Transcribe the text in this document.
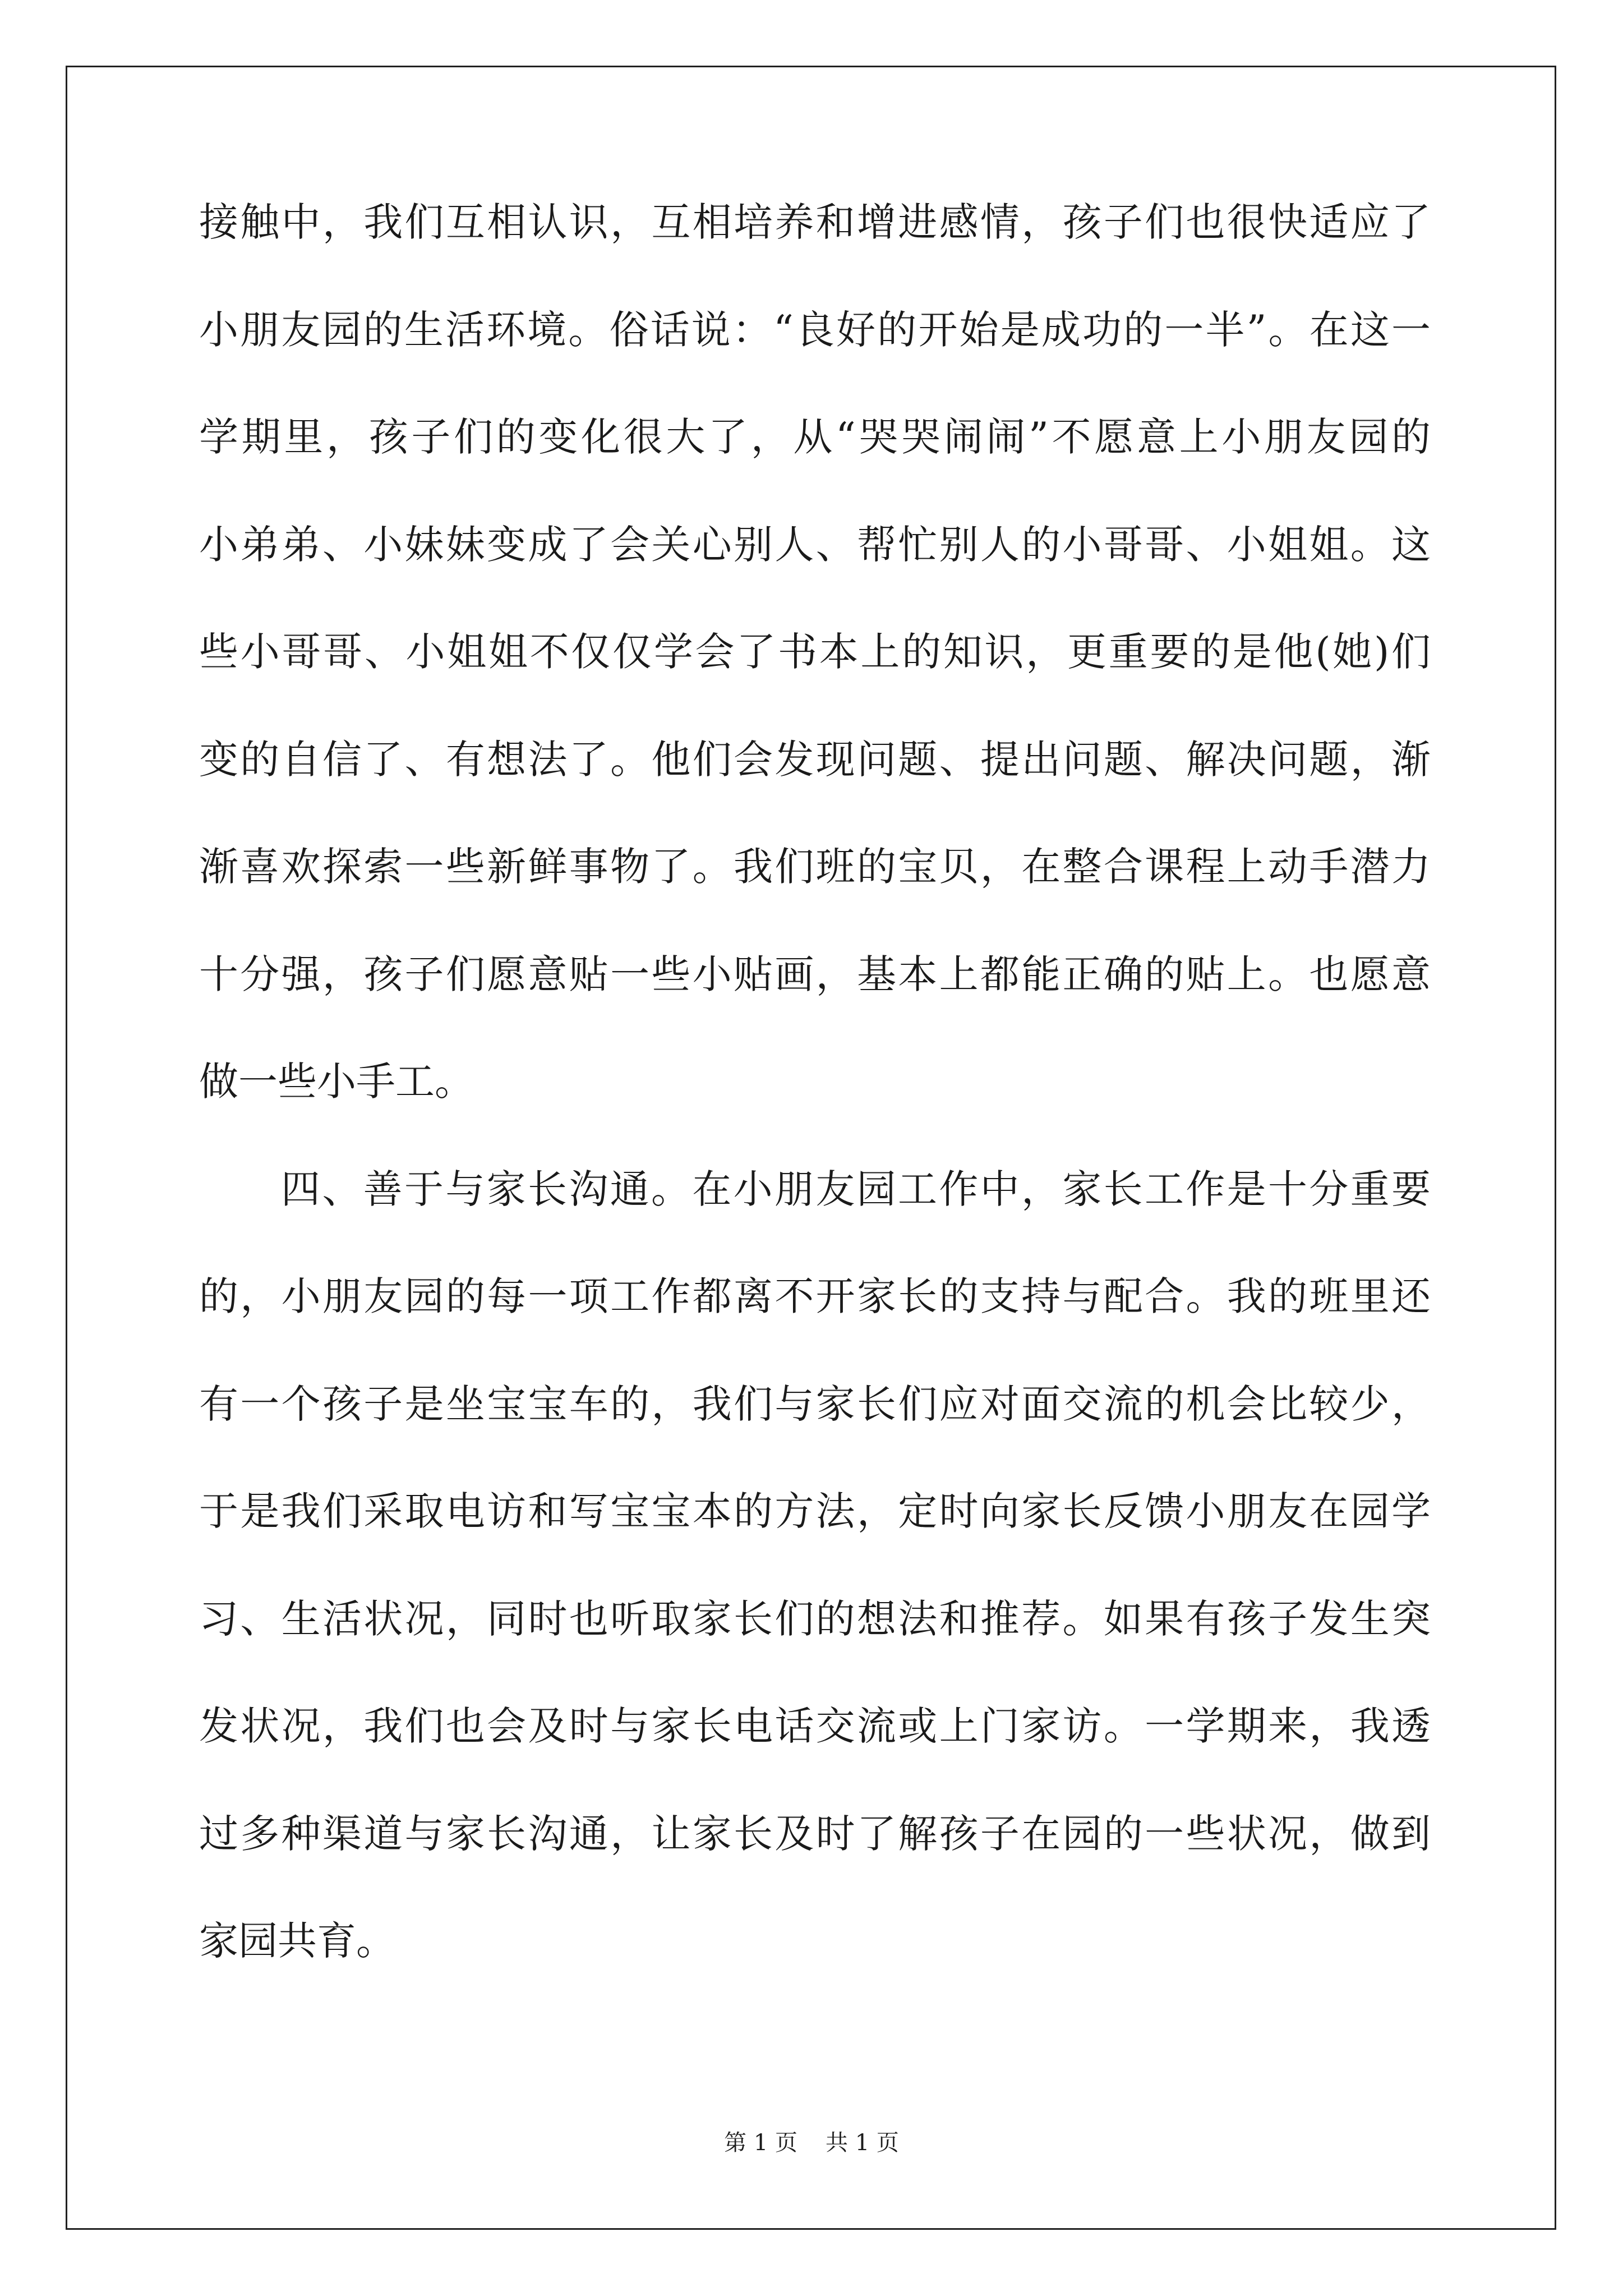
接触中，我们互相认识，互相培养和增进感情，孩子们也很快适应了
小朋友园的生活环境。俗话说：“良好的开始是成功的一半”。在这一
学期里，孩子们的变化很大了，从“哭哭闹闹”不愿意上小朋友园的
小弟弟、小妹妹变成了会关心别人、帮忙别人的小哥哥、小姐姐。这
些小哥哥、小姐姐不仅仅学会了书本上的知识，更重要的是他(她)们
变的自信了、有想法了。他们会发现问题、提出问题、解决问题，渐
渐喜欢探索一些新鲜事物了。我们班的宝贝，在整合课程上动手潜力
十分强，孩子们愿意贴一些小贴画，基本上都能正确的贴上。也愿意
做一些小手工。
四、善于与家长沟通。在小朋友园工作中，家长工作是十分重要
的，小朋友园的每一项工作都离不开家长的支持与配合。我的班里还
有一个孩子是坐宝宝车的，我们与家长们应对面交流的机会比较少，
于是我们采取电访和写宝宝本的方法，定时向家长反馈小朋友在园学
习、生活状况，同时也听取家长们的想法和推荐。如果有孩子发生突
发状况，我们也会及时与家长电话交流或上门家访。一学期来，我透
过多种渠道与家长沟通，让家长及时了解孩子在园的一些状况，做到
家园共育。
第 1 页 共 1 页
